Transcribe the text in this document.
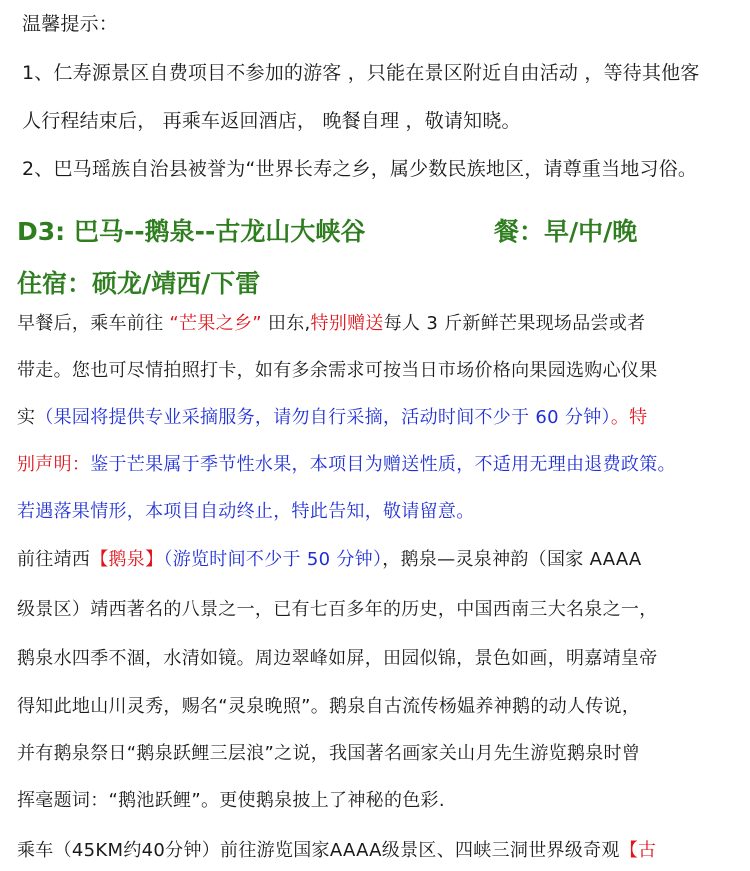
温馨提示：
1、仁寿源景区自费项目不参加的游客 ，只能在景区附近自由活动 ，等待其他客
人行程结束后， 再乘车返回酒店， 晚餐自理 ，敬请知晓。
2、巴马瑶族自治县被誉为“世界长寿之乡，属少数民族地区，请尊重当地习俗。
D3: 巴马--鹅泉--古龙山大峡谷	餐：早/中/晚
住宿：硕龙/靖西/下雷
早餐后，乘车前往 “芒果之乡” 田东,特别赠送每人 3 斤新鲜芒果现场品尝或者
带走。您也可尽情拍照打卡，如有多余需求可按当日市场价格向果园选购心仪果
实（果园将提供专业采摘服务，请勿自行采摘，活动时间不少于 60 分钟）。特
别声明：鉴于芒果属于季节性水果，本项目为赠送性质，不适用无理由退费政策。
若遇落果情形，本项目自动终止，特此告知，敬请留意。
前往靖西【鹅泉】（游览时间不少于 50 分钟），鹅泉—灵泉神韵（国家 AAAA
级景区）靖西著名的八景之一，已有七百多年的历史，中国西南三大名泉之一，
鹅泉水四季不涸，水清如镜。周边翠峰如屏，田园似锦，景色如画，明嘉靖皇帝
得知此地山川灵秀，赐名“灵泉晚照”。鹅泉自古流传杨媪养神鹅的动人传说，
并有鹅泉祭日“鹅泉跃鲤三层浪”之说，我国著名画家关山月先生游览鹅泉时曾
挥毫题词：“鹅池跃鲤”。更使鹅泉披上了神秘的色彩.
乘车（45KM约40分钟）前往游览国家AAAA级景区、四峡三洞世界级奇观【古
